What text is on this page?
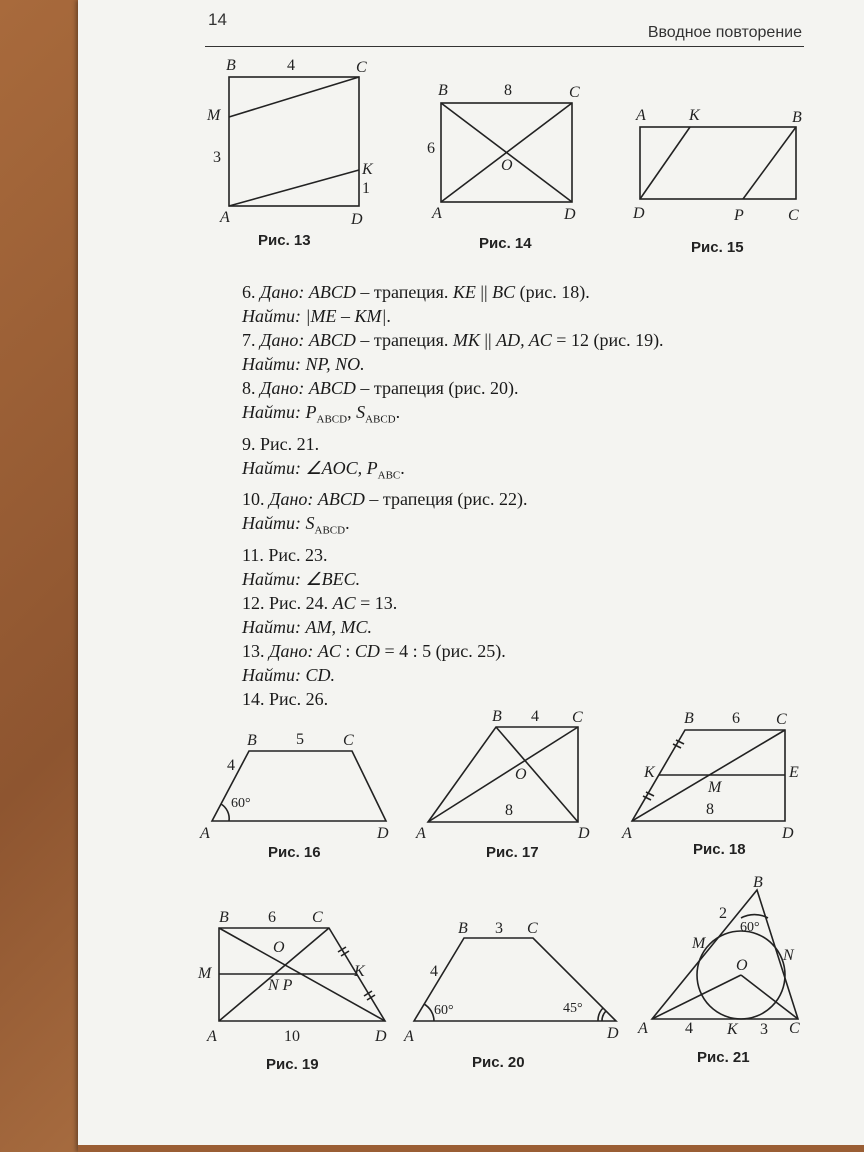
14
Вводное повторение
B	4	C
M
3
K
1
A	D
Рис. 13
B	8	C
6
O
A	D
Рис. 14
A	K	B
D	P	C
Рис. 15
6. Дано: ABCD – трапеция. KE || BC (рис. 18).
Найти: |ME – KM|.
7. Дано: ABCD – трапеция. MK || AD, AC = 12 (рис. 19).
Найти: NP, NO.
8. Дано: ABCD – трапеция (рис. 20).
Найти: $P_{ABCD}$, $S_{ABCD}$.
9. Рис. 21.
Найти: ∠AOC, $P_{ABC}$.
10. Дано: ABCD – трапеция (рис. 22).
Найти: $S_{ABCD}$.
11. Рис. 23.
Найти: ∠BEC.
12. Рис. 24. AC = 13.
Найти: AM, MC.
13. Дано: AC : CD = 4 : 5 (рис. 25).
Найти: CD.
14. Рис. 26.
B 5 C
4
60°
A	D
Рис. 16
B 4 C
O
8
A	D
Рис. 17
B 6 C
K	E
M
8
A	D
Рис. 18
B 6 C
O
M
N P
K
10
A	D
Рис. 19
B 3 C
4
60°	45°
A	D
Рис. 20
B
2
60°
M
N
O
A 4 K 3 C
Рис. 21
